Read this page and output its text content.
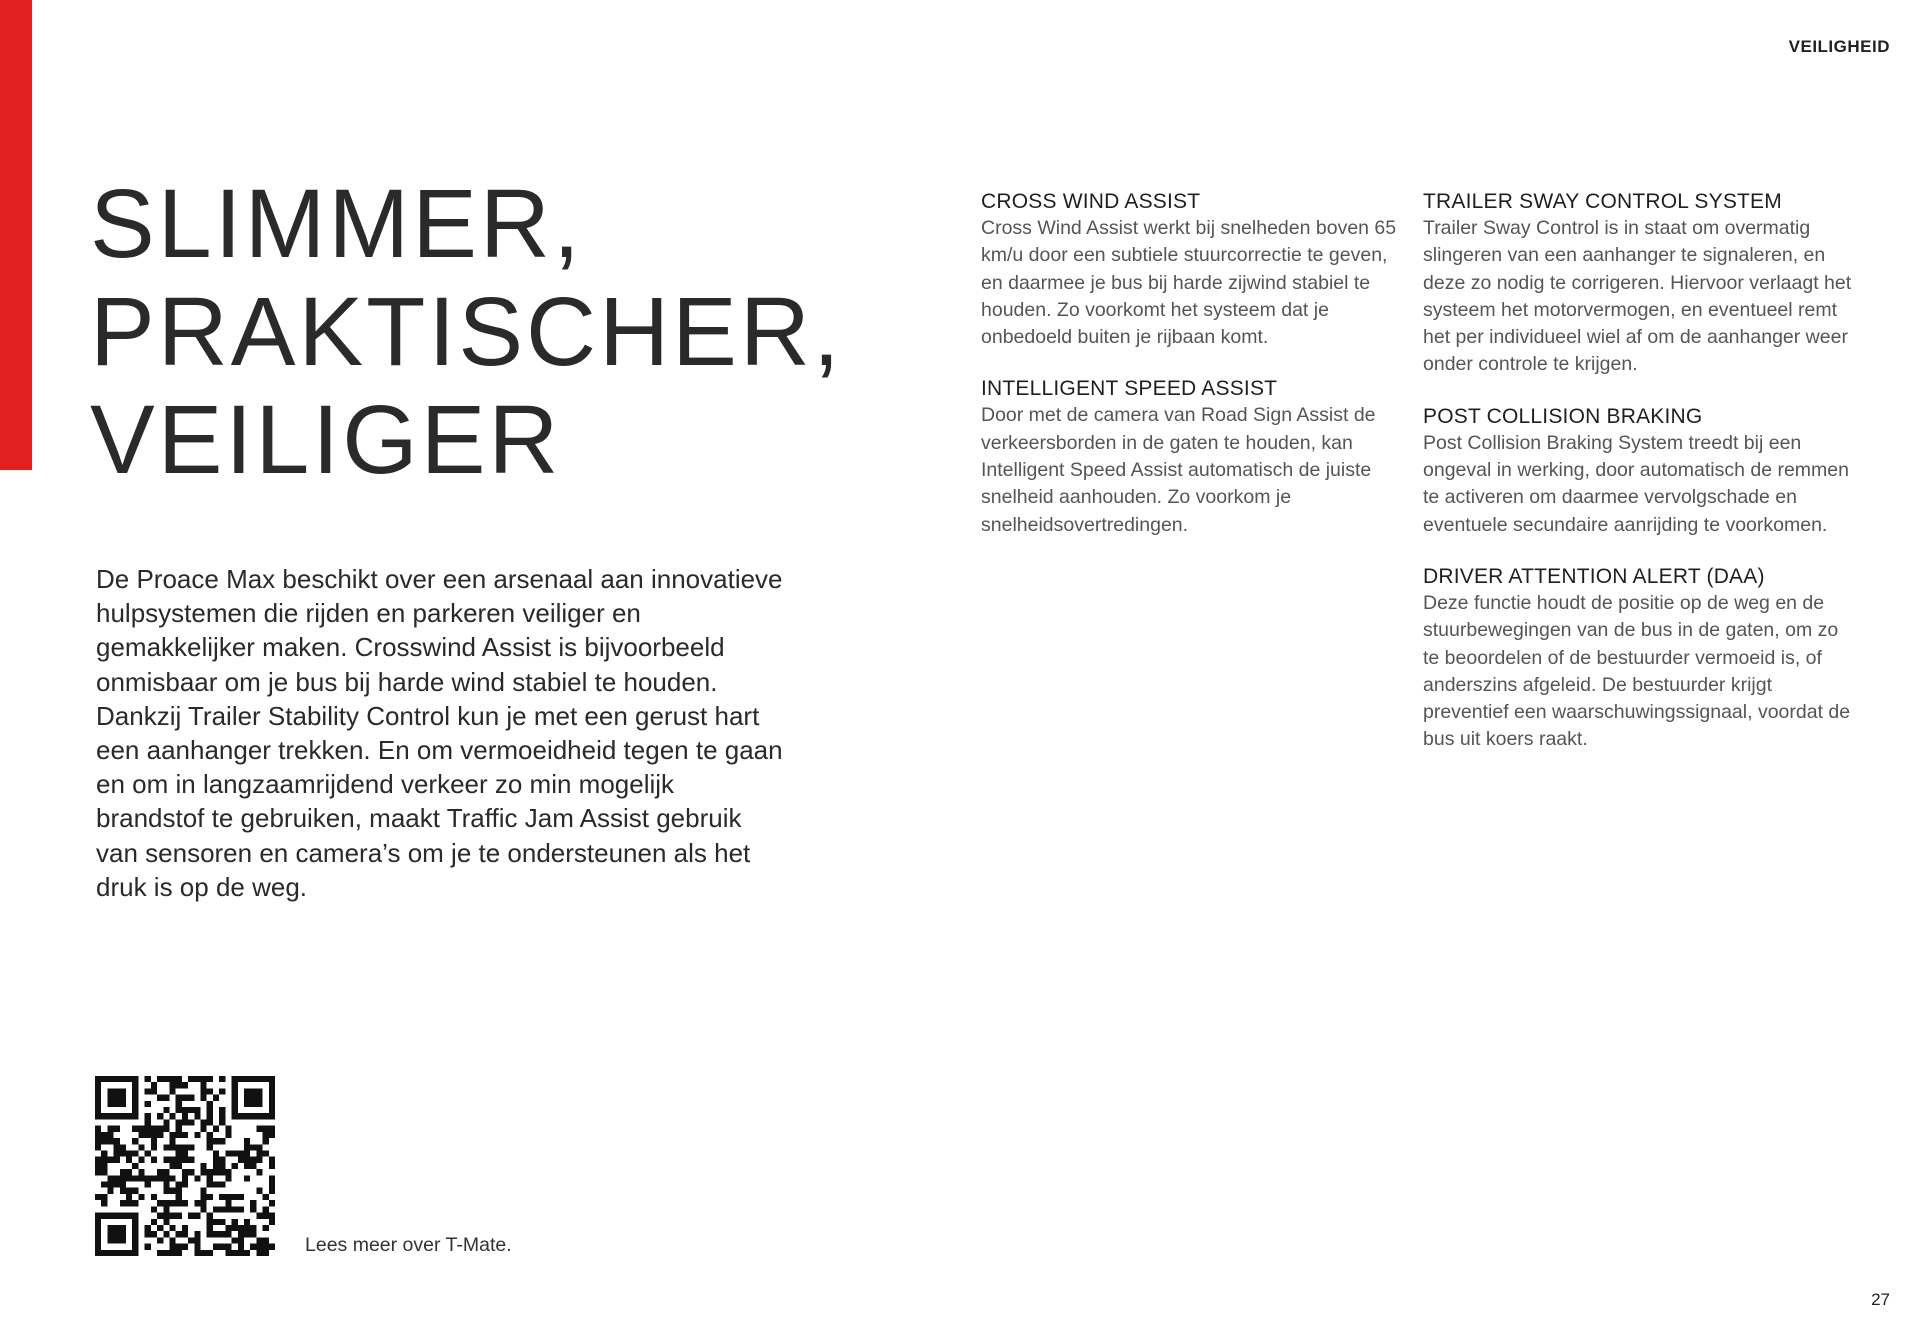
VEILIGHEID
SLIMMER,
PRAKTISCHER,
VEILIGER

De Proace Max beschikt over een arsenaal aan innovatieve hulpsystemen die rijden en parkeren veiliger en gemakkelijker maken. Crosswind Assist is bijvoorbeeld onmisbaar om je bus bij harde wind stabiel te houden. Dankzij Trailer Stability Control kun je met een gerust hart een aanhanger trekken. En om vermoeidheid tegen te gaan en om in langzaamrijdend verkeer zo min mogelijk brandstof te gebruiken, maakt Traffic Jam Assist gebruik van sensoren en camera’s om je te ondersteunen als het druk is op de weg.

CROSS WIND ASSIST

Cross Wind Assist werkt bij snelheden boven 65 km/u door een subtiele stuurcorrectie te geven, en daarmee je bus bij harde zijwind stabiel te houden. Zo voorkomt het systeem dat je onbedoeld buiten je rijbaan komt.

INTELLIGENT SPEED ASSIST

Door met de camera van Road Sign Assist de verkeersborden in de gaten te houden, kan Intelligent Speed Assist automatisch de juiste snelheid aanhouden. Zo voorkom je snelheidsovertredingen.

TRAILER SWAY CONTROL SYSTEM

Trailer Sway Control is in staat om overmatig slingeren van een aanhanger te signaleren, en deze zo nodig te corrigeren. Hiervoor verlaagt het systeem het motorvermogen, en eventueel remt het per individueel wiel af om de aanhanger weer onder controle te krijgen.

POST COLLISION BRAKING

Post Collision Braking System treedt bij een ongeval in werking, door automatisch de remmen te activeren om daarmee vervolgschade en eventuele secundaire aanrijding te voorkomen.

DRIVER ATTENTION ALERT (DAA)

Deze functie houdt de positie op de weg en de stuurbewegingen van de bus in de gaten, om zo te beoordelen of de bestuurder vermoeid is, of anderszins afgeleid. De bestuurder krijgt preventief een waarschuwingssignaal, voordat de bus uit koers raakt.

Lees meer over T-Mate.
27
